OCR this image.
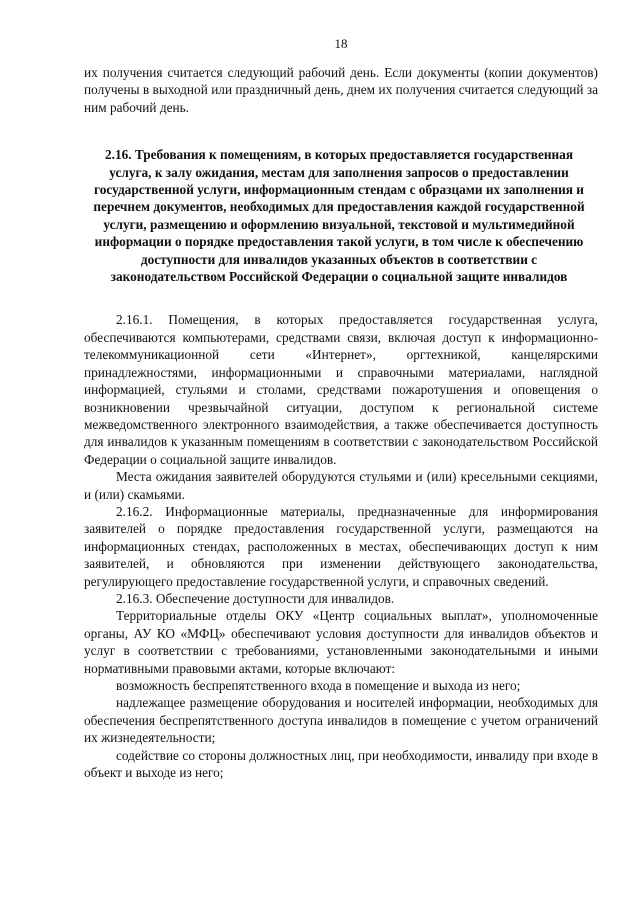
18

их получения считается следующий рабочий день. Если документы (копии документов) получены в выходной или праздничный день, днем их получения считается следующий за ним рабочий день.

2.16. Требования к помещениям, в которых предоставляется государственная услуга, к залу ожидания, местам для заполнения запросов о предоставлении государственной услуги, информационным стендам с образцами их заполнения и перечнем документов, необходимых для предоставления каждой государственной услуги, размещению и оформлению визуальной, текстовой и мультимедийной информации о порядке предоставления такой услуги, в том числе к обеспечению доступности для инвалидов указанных объектов в соответствии с законодательством Российской Федерации о социальной защите инвалидов

2.16.1. Помещения, в которых предоставляется государственная услуга, обеспечиваются компьютерами, средствами связи, включая доступ к информационно-телекоммуникационной сети «Интернет», оргтехникой, канцелярскими принадлежностями, информационными и справочными материалами, наглядной информацией, стульями и столами, средствами пожаротушения и оповещения о возникновении чрезвычайной ситуации, доступом к региональной системе межведомственного электронного взаимодействия, а также обеспечивается доступность для инвалидов к указанным помещениям в соответствии с законодательством Российской Федерации о социальной защите инвалидов.

Места ожидания заявителей оборудуются стульями и (или) кресельными секциями, и (или) скамьями.

2.16.2. Информационные материалы, предназначенные для информирования заявителей о порядке предоставления государственной услуги, размещаются на информационных стендах, расположенных в местах, обеспечивающих доступ к ним заявителей, и обновляются при изменении действующего законодательства, регулирующего предоставление государственной услуги, и справочных сведений.

2.16.3. Обеспечение доступности для инвалидов.

Территориальные отделы ОКУ «Центр социальных выплат», уполномоченные органы, АУ КО «МФЦ» обеспечивают условия доступности для инвалидов объектов и услуг в соответствии с требованиями, установленными законодательными и иными нормативными правовыми актами, которые включают:

возможность беспрепятственного входа в помещение и выхода из него;

надлежащее размещение оборудования и носителей информации, необходимых для обеспечения беспрепятственного доступа инвалидов в помещение с учетом ограничений их жизнедеятельности;

содействие со стороны должностных лиц, при необходимости, инвалиду при входе в объект и выходе из него;
